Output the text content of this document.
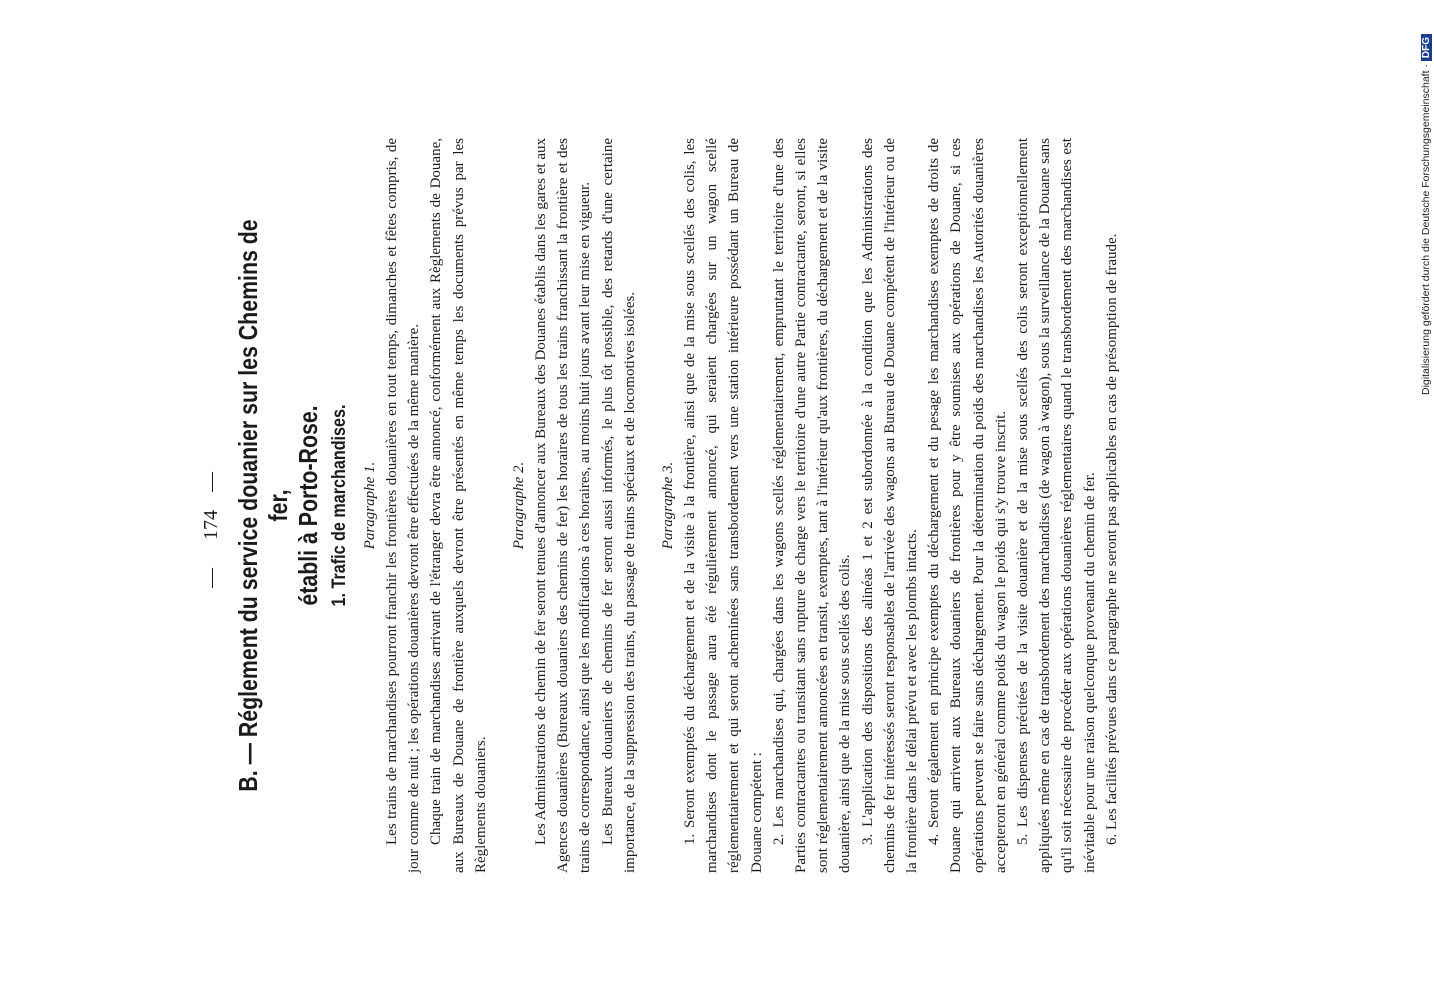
—174— B. — Réglement du service douanier sur les Chemins de fer, établi à Porto-Rose. 1. Trafic de marchandises. Paragraphe 1. Les trains de marchandises pourront franchir les frontières douanières en tout temps, dimanches et fêtes compris, de jour comme de nuit ; les opérations douanières devront être effectuées de la même manière. Chaque train de marchandises arrivant de l'étranger devra être annoncé, conformément aux Règlements de Douane, aux Bureaux de Douane de frontière auxquels devront être présentés en même temps les documents prévus par les Règlements douaniers.

Paragraphe 2. Les Administrations de chemin de fer seront tenues d'annoncer aux Bureaux des Douanes établis dans les gares et aux Agences douanières (Bureaux douaniers des chemins de fer) les horaires de tous les trains franchissant la frontière et des trains de correspondance, ainsi que les modifications à ces horaires, au moins huit jours avant leur mise en vigueur. Les Bureaux douaniers de chemins de fer seront aussi informés, le plus tôt possible, des retards d'une certaine importance, de la suppression des trains, du passage de trains spéciaux et de locomotives isolées. Paragraphe 3. 1. Seront exemptés du déchargement et de la visite à la frontière, ainsi que de la mise sous scellés des colis, les marchandises dont le passage aura été régulièrement annoncé, qui seraient chargées sur un wagon scellé réglementairement et qui seront acheminées sans transbordement vers une station intérieure possédant un Bureau de Douane compétent : 2. Les marchandises qui, chargées dans les wagons scellés réglementairement, empruntant le territoire d'une des Parties contractantes ou transitant sans rupture de charge vers le territoire d'une autre Partie contractante, seront, si elles sont réglementairement annoncées en transit, exemptes, tant à l'intérieur qu'aux frontières, du déchargement et de la visite douanière, ainsi que de la mise sous scellés des colis. 3. L'application des dispositions des alinéas 1 et 2 est subordonnée à la condition que les Administrations des chemins de fer intéressés seront responsables de l'arrivée des wagons au Bureau de Douane compétent de l'intérieur ou de la frontière dans le délai prévu et avec les plombs intacts. 4. Seront également en principe exemptes du déchargement et du pesage les marchandises exemptes de droits de Douane qui arrivent aux Bureaux douaniers de frontières pour y être soumises aux opérations de Douane, si ces opérations peuvent se faire sans déchargement. Pour la détermination du poids des marchandises les Autorités douanières accepteront en général comme poids du wagon le poids qui s'y trouve inscrit. 5. Les dispenses précitées de la visite douanière et de la mise sous scellés des colis seront exceptionnellement appliquées même en cas de transbordement des marchandises (de wagon à wagon), sous la surveillance de la Douane sans qu'il soit nécessaire de procéder aux opérations douanières réglementaires quand le transbordement des marchandises est inévitable pour une raison quelconque provenant du chemin de fer. 6. Les facilités prévues dans ce paragraphe ne seront pas applicables en cas de présomption de fraude.

Digitalisierung gefördert durch die Deutsche Forschungsgemeinschaft ·DFG
